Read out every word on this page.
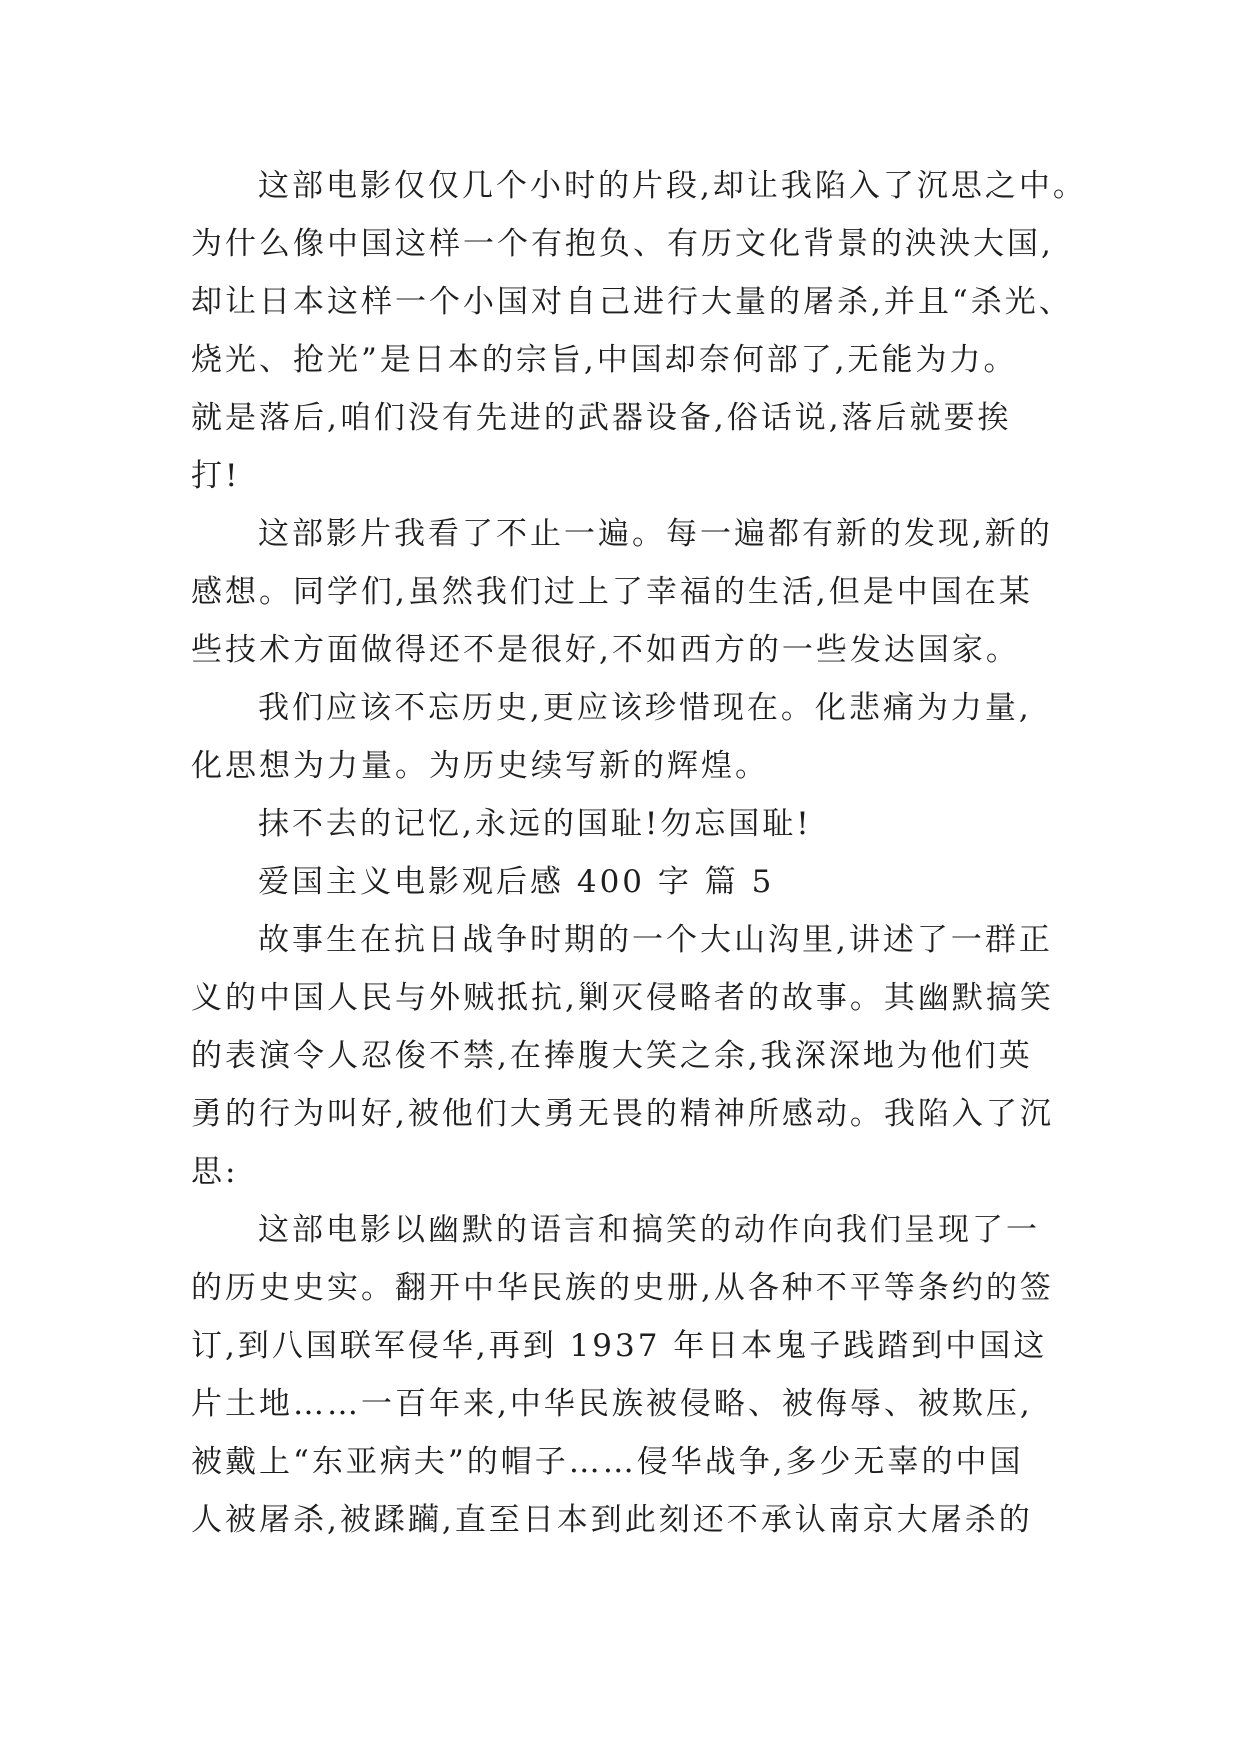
这部电影仅仅几个小时的片段,却让我陷入了沉思之中。
为什么像中国这样一个有抱负、有历文化背景的泱泱大国,
却让日本这样一个小国对自己进行大量的屠杀,并且“杀光、
烧光、抢光”是日本的宗旨,中国却奈何部了,无能为力。
就是落后,咱们没有先进的武器设备,俗话说,落后就要挨
打!
这部影片我看了不止一遍。每一遍都有新的发现,新的
感想。同学们,虽然我们过上了幸福的生活,但是中国在某
些技术方面做得还不是很好,不如西方的一些发达国家。
我们应该不忘历史,更应该珍惜现在。化悲痛为力量,
化思想为力量。为历史续写新的辉煌。
抹不去的记忆,永远的国耻!勿忘国耻!
爱国主义电影观后感 400 字 篇 5
故事生在抗日战争时期的一个大山沟里,讲述了一群正
义的中国人民与外贼抵抗,剿灭侵略者的故事。其幽默搞笑
的表演令人忍俊不禁,在捧腹大笑之余,我深深地为他们英
勇的行为叫好,被他们大勇无畏的精神所感动。我陷入了沉
思:
这部电影以幽默的语言和搞笑的动作向我们呈现了一
的历史史实。翻开中华民族的史册,从各种不平等条约的签
订,到八国联军侵华,再到 1937 年日本鬼子践踏到中国这
片土地……一百年来,中华民族被侵略、被侮辱、被欺压,
被戴上“东亚病夫”的帽子……侵华战争,多少无辜的中国
人被屠杀,被蹂躏,直至日本到此刻还不承认南京大屠杀的
